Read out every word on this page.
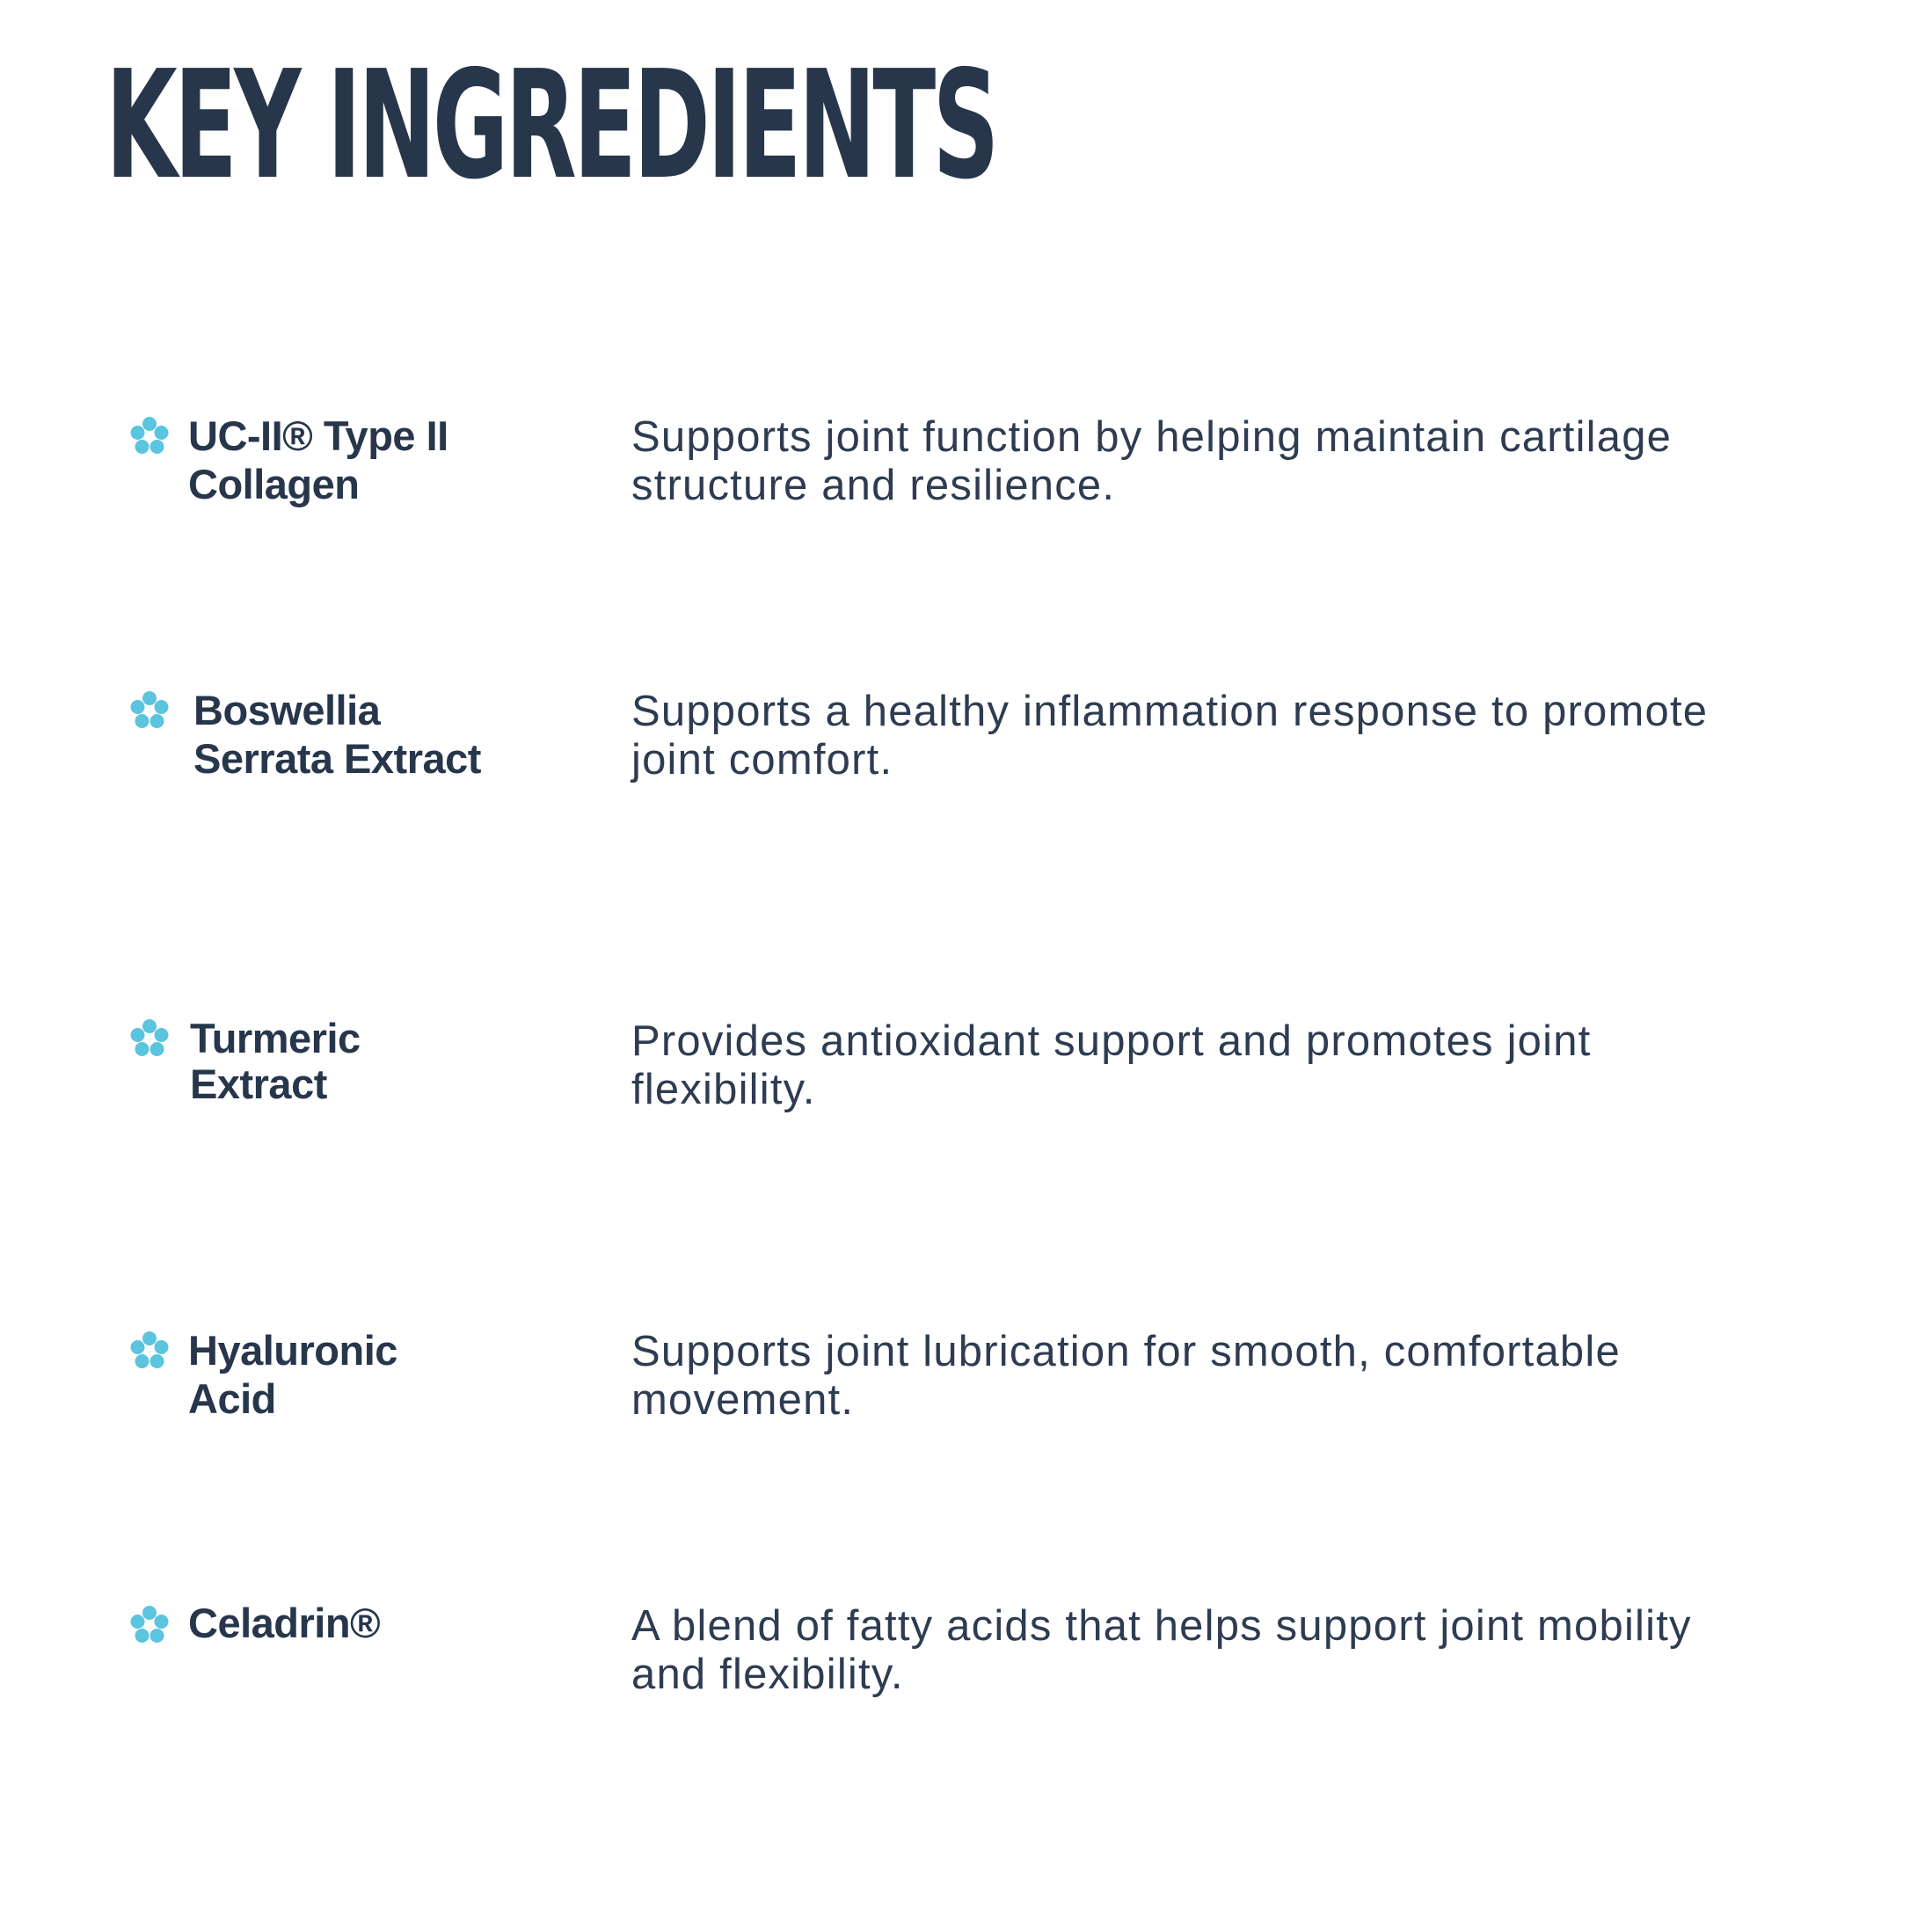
KEY INGREDIENTS
UC-II® Type II
Collagen
Supports joint function by helping maintain cartilage
structure and resilience.
Boswellia
Serrata Extract
Supports a healthy inflammation response to promote
joint comfort.
Turmeric
Extract
Provides antioxidant support and promotes joint
flexibility.
Hyaluronic
Acid
Supports joint lubrication for smooth, comfortable
movement.
Celadrin®	A blend of fatty acids that helps support joint mobility
and flexibility.
